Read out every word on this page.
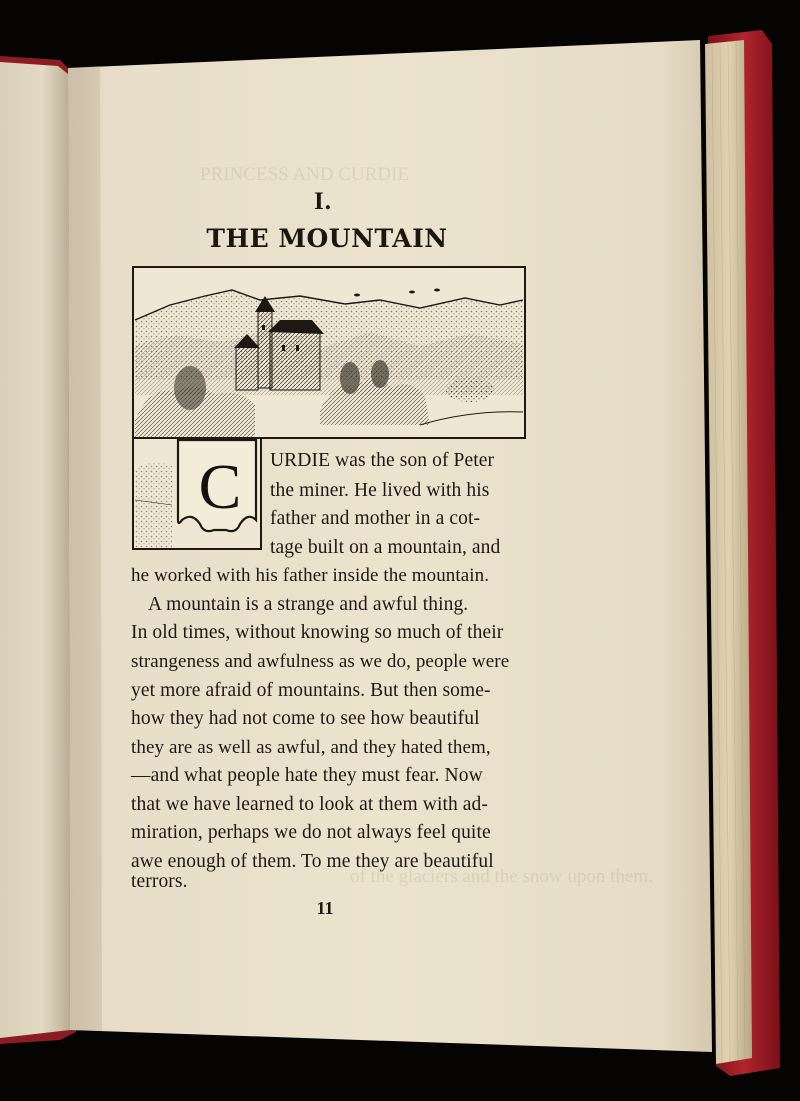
PRINCESS AND CURDIE
of the glaciers and the snow upon them.
I.
THE MOUNTAIN
C	URDIE was the son of Peter
the miner. He lived with his
father and mother in a cot-
tage built on a mountain, and
he worked with his father inside the mountain.
A mountain is a strange and awful thing.
In old times, without knowing so much of their
strangeness and awfulness as we do, people were
yet more afraid of mountains. But then some-
how they had not come to see how beautiful
they are as well as awful, and they hated them,
—and what people hate they must fear. Now
that we have learned to look at them with ad-
miration, perhaps we do not always feel quite
awe enough of them. To me they are beautiful
terrors.
11
